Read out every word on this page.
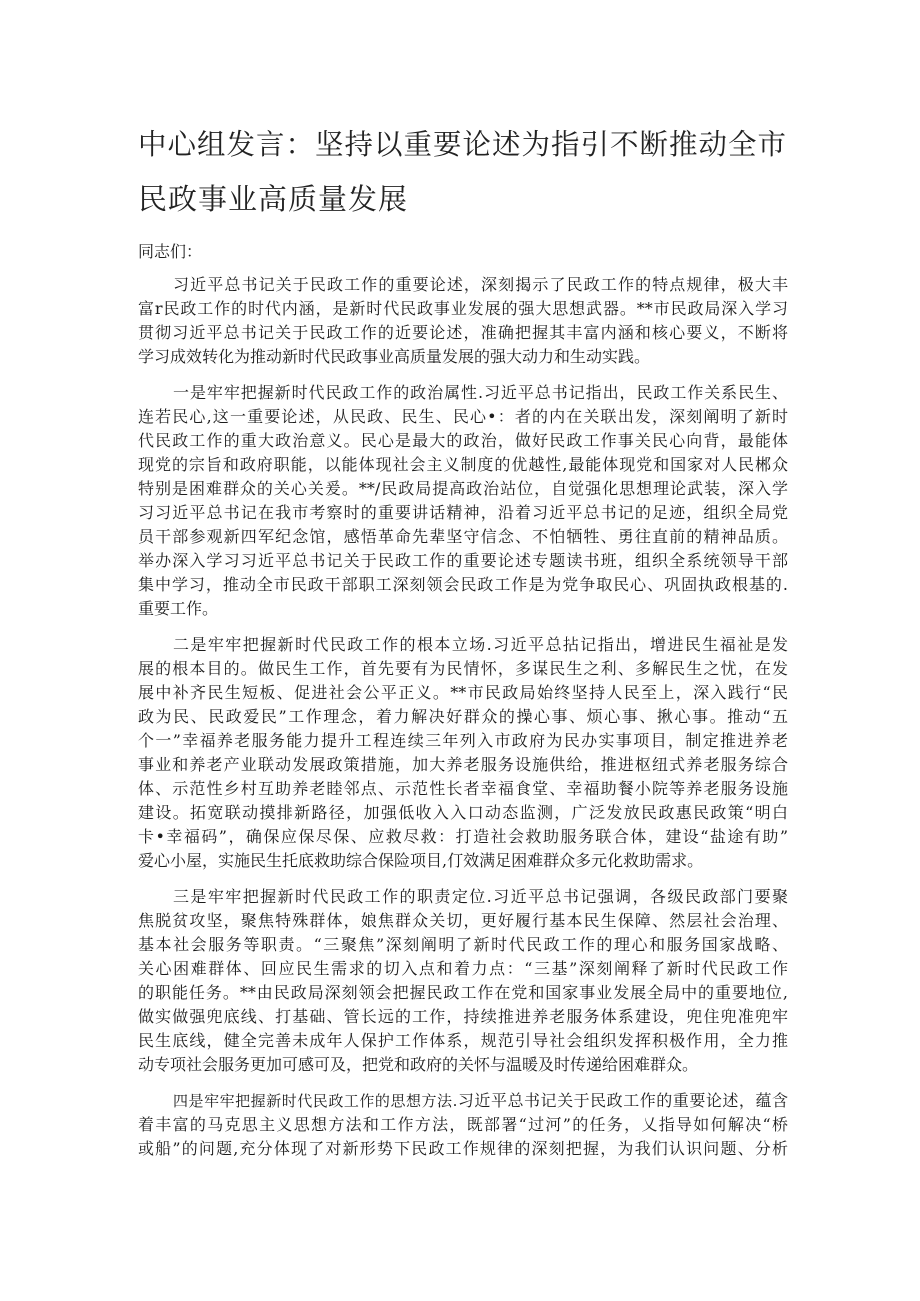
中心组发言：坚持以重要论述为指引不断推动全市
民政事业高质量发展
同志们：
习近平总书记关于民政工作的重要论述，深刻揭示了民政工作的特点规律，极大丰
富r民政工作的时代内涵，是新时代民政事业发展的强大思想武器。**市民政局深入学习
贯彻习近平总书记关于民政工作的近要论述，准确把握其丰富内涵和核心要义，不断将
学习成效转化为推动新时代民政事业高质量发展的强大动力和生动实践。
一是牢牢把握新时代民政工作的政治属性.习近平总书记指出，民政工作关系民生、
连若民心,这一重要论述，从民政、民生、民心•：者的内在关联出发，深刻阐明了新时
代民政工作的重大政治意义。民心是最大的政治，做好民政工作事关民心向背，最能体
现党的宗旨和政府职能，以能体现社会主义制度的优越性,最能体现党和国家对人民郴众
特别是困难群众的关心关爰。**/民政局提高政治站位，自觉强化思想理论武装，深入学
习习近平总书记在我市考察时的重要讲话精神，沿着习近平总书记的足迹，组织全局党
员干部参观新四军纪念馆，感悟革命先辈坚守信念、不怕牺牲、勇往直前的精神品质。
举办深入学习习近平总书记关于民政工作的重要论述专题读书班，组织全系统领导干部
集中学习，推动全市民政干部职工深刻领会民政工作是为党争取民心、巩固执政根基的.
重要工作。
二是牢牢把握新时代民政工作的根本立场.习近平总拈记指出，增进民生福祉是发
展的根本目的。做民生工作，首先要有为民情怀，多谋民生之利、多解民生之忧，在发
展中补齐民生短板、促进社会公平正义。**市民政局始终坚持人民至上，深入践行“民
政为民、民政爱民”工作理念，着力解决好群众的操心事、烦心事、揪心事。推动“五
个一”幸福养老服务能力提升工程连续三年列入市政府为民办实事项目，制定推进养老
事业和养老产业联动发展政策措施，加大养老服务设施供给，推进枢纽式养老服务综合
体、示范性乡村互助养老睦邻点、示范性长者幸福食堂、幸福助餐小院等养老服务设施
建设。拓宽联动摸排新路径，加强低收入入口动态监测，广泛发放民政惠民政策“明白
卡•幸福码”，确保应保尽保、应救尽救：打造社会救助服务联合体，建设“盐途有助”
爱心小屋，实施民生托底救助综合保险项目,仃效满足困难群众多元化救助需求。
三是牢牢把握新时代民政工作的职责定位.习近平总书记强调，各级民政部门要聚
焦脱贫攻坚，聚焦特殊群体，娘焦群众关切，更好履行基本民生保障、然层社会治理、
基本社会服务等职责。“三聚焦”深刻阐明了新时代民政工作的理心和服务国家战略、
关心困难群体、回应民生需求的切入点和着力点：“三基”深刻阐释了新时代民政工作
的职能任务。**由民政局深刻领会把握民政工作在党和国家事业发展全局中的重要地位,
做实做强兜底线、打基础、管长远的工作，持续推进养老服务体系建设，兜住兜准兜牢
民生底线，健全完善未成年人保护工作体系，规范引导社会组织发挥积极作用，全力推
动专项社会服务更加可感可及，把党和政府的关怀与温暖及时传递给困难群众。
四是牢牢把握新时代民政工作的思想方法.习近平总书记关于民政工作的重要论述，蕴含
着丰富的马克思主义思想方法和工作方法，既部署“过河”的任务，乂指导如何解决“桥
或船”的问题,充分体现了对新形势下民政工作规律的深刻把握，为我们认识问题、分析
